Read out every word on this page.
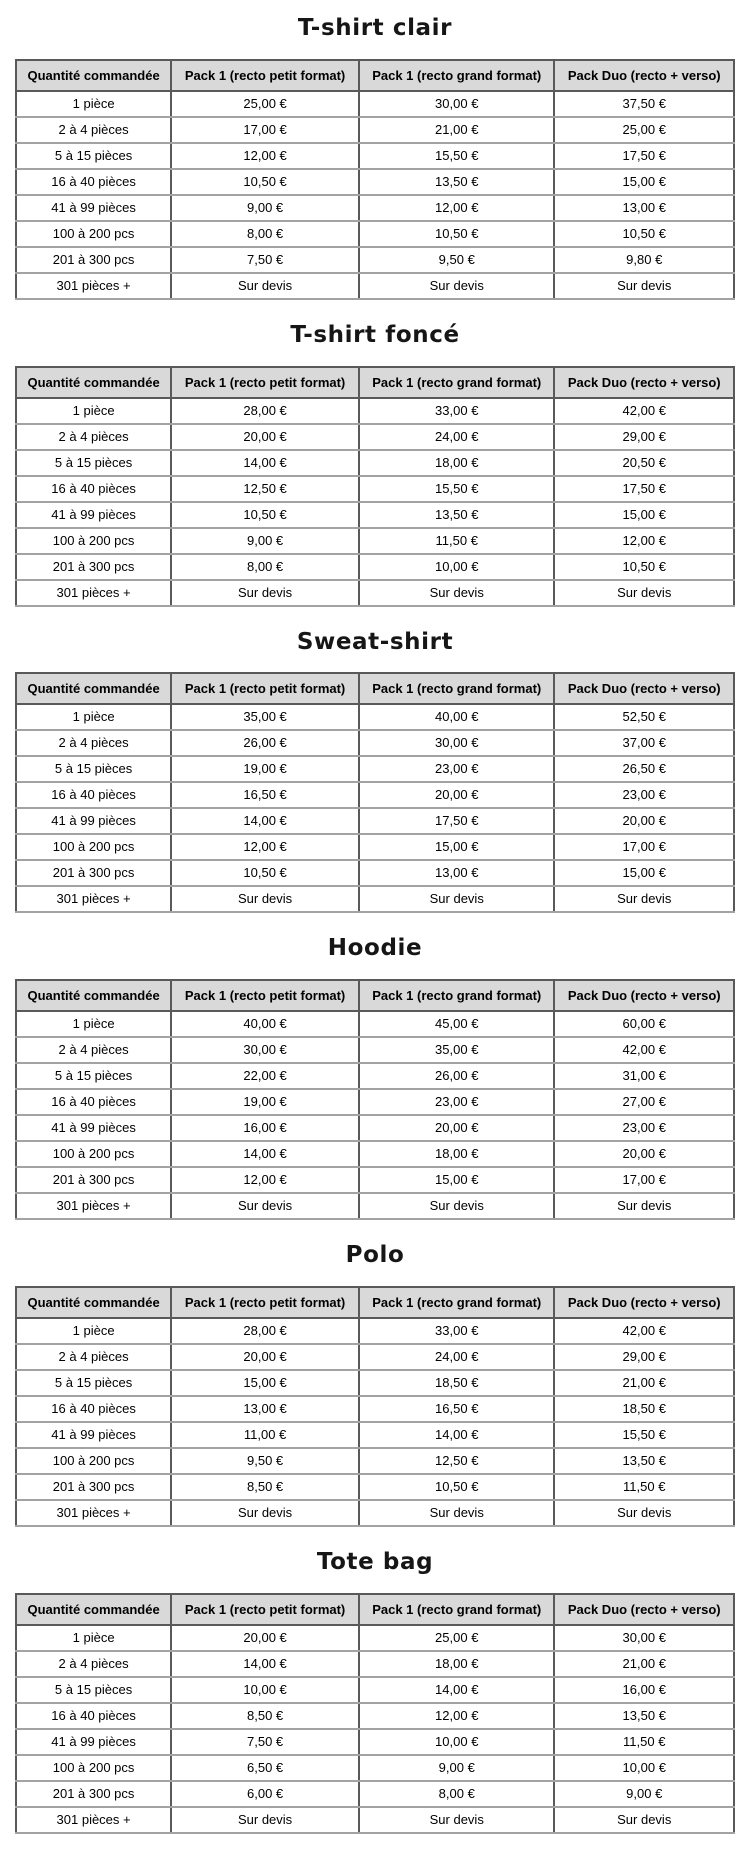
T-shirt clair
Quantité commandée	Pack 1 (recto petit format)	Pack 1 (recto grand format)	Pack Duo (recto + verso)
1 pièce	25,00 €	30,00 €	37,50 €
2 à 4 pièces	17,00 €	21,00 €	25,00 €
5 à 15 pièces	12,00 €	15,50 €	17,50 €
16 à 40 pièces	10,50 €	13,50 €	15,00 €
41 à 99 pièces	9,00 €	12,00 €	13,00 €
100 à 200 pcs	8,00 €	10,50 €	10,50 €
201 à 300 pcs	7,50 €	9,50 €	9,80 €
301 pièces +	Sur devis	Sur devis	Sur devis
T-shirt foncé
Quantité commandée	Pack 1 (recto petit format)	Pack 1 (recto grand format)	Pack Duo (recto + verso)
1 pièce	28,00 €	33,00 €	42,00 €
2 à 4 pièces	20,00 €	24,00 €	29,00 €
5 à 15 pièces	14,00 €	18,00 €	20,50 €
16 à 40 pièces	12,50 €	15,50 €	17,50 €
41 à 99 pièces	10,50 €	13,50 €	15,00 €
100 à 200 pcs	9,00 €	11,50 €	12,00 €
201 à 300 pcs	8,00 €	10,00 €	10,50 €
301 pièces +	Sur devis	Sur devis	Sur devis
Sweat-shirt
Quantité commandée	Pack 1 (recto petit format)	Pack 1 (recto grand format)	Pack Duo (recto + verso)
1 pièce	35,00 €	40,00 €	52,50 €
2 à 4 pièces	26,00 €	30,00 €	37,00 €
5 à 15 pièces	19,00 €	23,00 €	26,50 €
16 à 40 pièces	16,50 €	20,00 €	23,00 €
41 à 99 pièces	14,00 €	17,50 €	20,00 €
100 à 200 pcs	12,00 €	15,00 €	17,00 €
201 à 300 pcs	10,50 €	13,00 €	15,00 €
301 pièces +	Sur devis	Sur devis	Sur devis
Hoodie
Quantité commandée	Pack 1 (recto petit format)	Pack 1 (recto grand format)	Pack Duo (recto + verso)
1 pièce	40,00 €	45,00 €	60,00 €
2 à 4 pièces	30,00 €	35,00 €	42,00 €
5 à 15 pièces	22,00 €	26,00 €	31,00 €
16 à 40 pièces	19,00 €	23,00 €	27,00 €
41 à 99 pièces	16,00 €	20,00 €	23,00 €
100 à 200 pcs	14,00 €	18,00 €	20,00 €
201 à 300 pcs	12,00 €	15,00 €	17,00 €
301 pièces +	Sur devis	Sur devis	Sur devis
Polo
Quantité commandée	Pack 1 (recto petit format)	Pack 1 (recto grand format)	Pack Duo (recto + verso)
1 pièce	28,00 €	33,00 €	42,00 €
2 à 4 pièces	20,00 €	24,00 €	29,00 €
5 à 15 pièces	15,00 €	18,50 €	21,00 €
16 à 40 pièces	13,00 €	16,50 €	18,50 €
41 à 99 pièces	11,00 €	14,00 €	15,50 €
100 à 200 pcs	9,50 €	12,50 €	13,50 €
201 à 300 pcs	8,50 €	10,50 €	11,50 €
301 pièces +	Sur devis	Sur devis	Sur devis
Tote bag
Quantité commandée	Pack 1 (recto petit format)	Pack 1 (recto grand format)	Pack Duo (recto + verso)
1 pièce	20,00 €	25,00 €	30,00 €
2 à 4 pièces	14,00 €	18,00 €	21,00 €
5 à 15 pièces	10,00 €	14,00 €	16,00 €
16 à 40 pièces	8,50 €	12,00 €	13,50 €
41 à 99 pièces	7,50 €	10,00 €	11,50 €
100 à 200 pcs	6,50 €	9,00 €	10,00 €
201 à 300 pcs	6,00 €	8,00 €	9,00 €
301 pièces +	Sur devis	Sur devis	Sur devis
